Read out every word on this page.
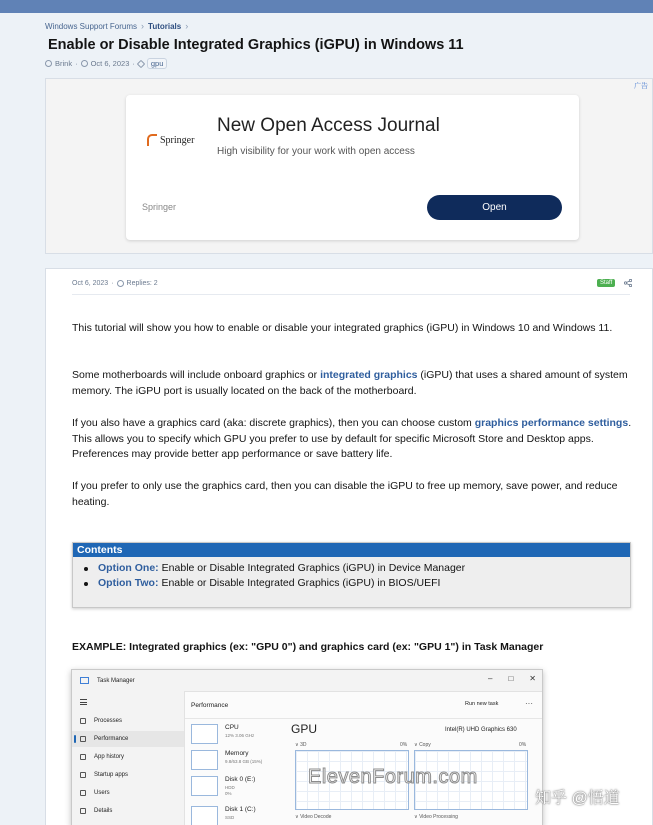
Windows Support Forums › Tutorials ›
Enable or Disable Integrated Graphics (iGPU) in Windows 11
Brink · Oct 6, 2023 ·	gpu
广告
Springer
New Open Access Journal
High visibility for your work with open access
Springer	Open
Oct 6, 2023 · Replies: 2	Staff

This tutorial will show you how to enable or disable your integrated graphics (iGPU) in Windows 10 and Windows 11.

Some motherboards will include onboard graphics or integrated graphics (iGPU) that uses a shared amount of system memory. The iGPU port is usually located on the back of the motherboard.

If you also have a graphics card (aka: discrete graphics), then you can choose custom graphics performance settings. This allows you to specify which GPU you prefer to use by default for specific Microsoft Store and Desktop apps. Preferences may provide better app performance or save battery life.

If you prefer to only use the graphics card, then you can disable the iGPU to free up memory, save power, and reduce heating.

Contents
Option One: Enable or Disable Integrated Graphics (iGPU) in Device Manager
Option Two: Enable or Disable Integrated Graphics (iGPU) in BIOS/UEFI
EXAMPLE: Integrated graphics (ex: "GPU 0") and graphics card (ex: "GPU 1") in Task Manager
Task Manager	– □ ✕
Processes
Performance
App history
Startup apps
Users
Details
Performance	Run new task	···
CPU
12% 3.06 GHz
Memory
9.8/63.8 GB (15%)
Disk 0 (E:)
HDD
0%
Disk 1 (C:)
SSD
GPU	Intel(R) UHD Graphics 630
∨ 3D	0% ∨ Copy	0%
∨ Video Decode	∨ Video Processing
ElevenForum.com
知乎 @悟道
